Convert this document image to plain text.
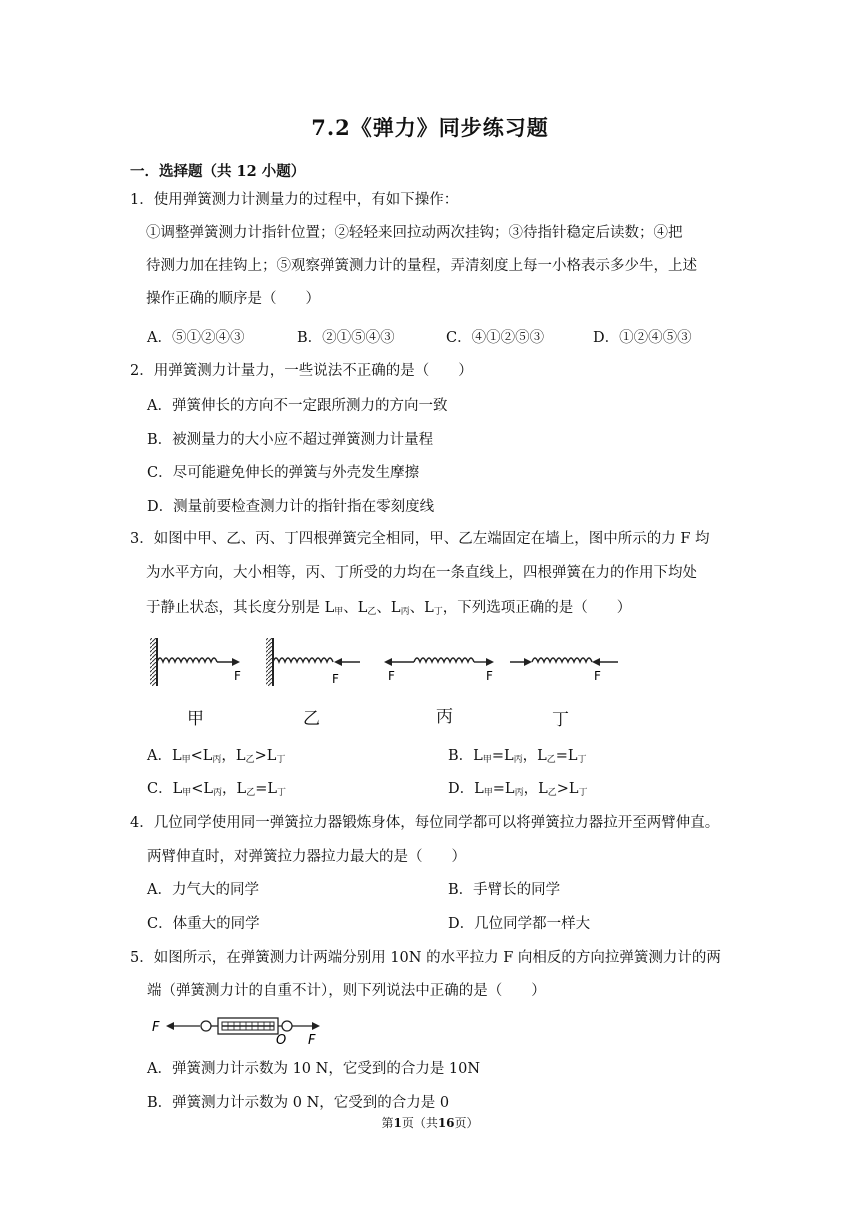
7.2《弹力》同步练习题
一．选择题（共 12 小题）
1．使用弹簧测力计测量力的过程中，有如下操作：
①调整弹簧测力计指针位置；②轻轻来回拉动两次挂钩；③待指针稳定后读数；④把
待测力加在挂钩上；⑤观察弹簧测力计的量程，弄清刻度上每一小格表示多少牛，上述
操作正确的顺序是（　　）
A．⑤①②④③	B．②①⑤④③	C．④①②⑤③	D．①②④⑤③
2．用弹簧测力计量力，一些说法不正确的是（　　）
A．弹簧伸长的方向不一定跟所测力的方向一致
B．被测量力的大小应不超过弹簧测力计量程
C．尽可能避免伸长的弹簧与外壳发生摩擦
D．测量前要检查测力计的指针指在零刻度线
3．如图中甲、乙、丙、丁四根弹簧完全相同，甲、乙左端固定在墙上，图中所示的力 F 均
为水平方向，大小相等，丙、丁所受的力均在一条直线上，四根弹簧在力的作用下均处
于静止状态，其长度分别是 $L_甲$、$L_乙$、$L_丙$、$L_丁$，下列选项正确的是（　　）
F	F	F	F	F
甲	乙	丙	丁
A．$L_甲<L_丙$，$L_乙>L_丁$	B．$L_甲=L_丙$，$L_乙=L_丁$
C．$L_甲<L_丙$，$L_乙=L_丁$	D．$L_甲=L_丙$，$L_乙>L_丁$
4．几位同学使用同一弹簧拉力器锻炼身体，每位同学都可以将弹簧拉力器拉开至两臂伸直。
两臂伸直时，对弹簧拉力器拉力最大的是（　　）
A．力气大的同学	B．手臂长的同学
C．体重大的同学	D．几位同学都一样大
5．如图所示，在弹簧测力计两端分别用 10N 的水平拉力 F 向相反的方向拉弹簧测力计的两
端（弹簧测力计的自重不计），则下列说法中正确的是（　　）
F
O F
A．弹簧测力计示数为 10 N，它受到的合力是 10N
B．弹簧测力计示数为 0 N，它受到的合力是 0
第1页（共16页）
